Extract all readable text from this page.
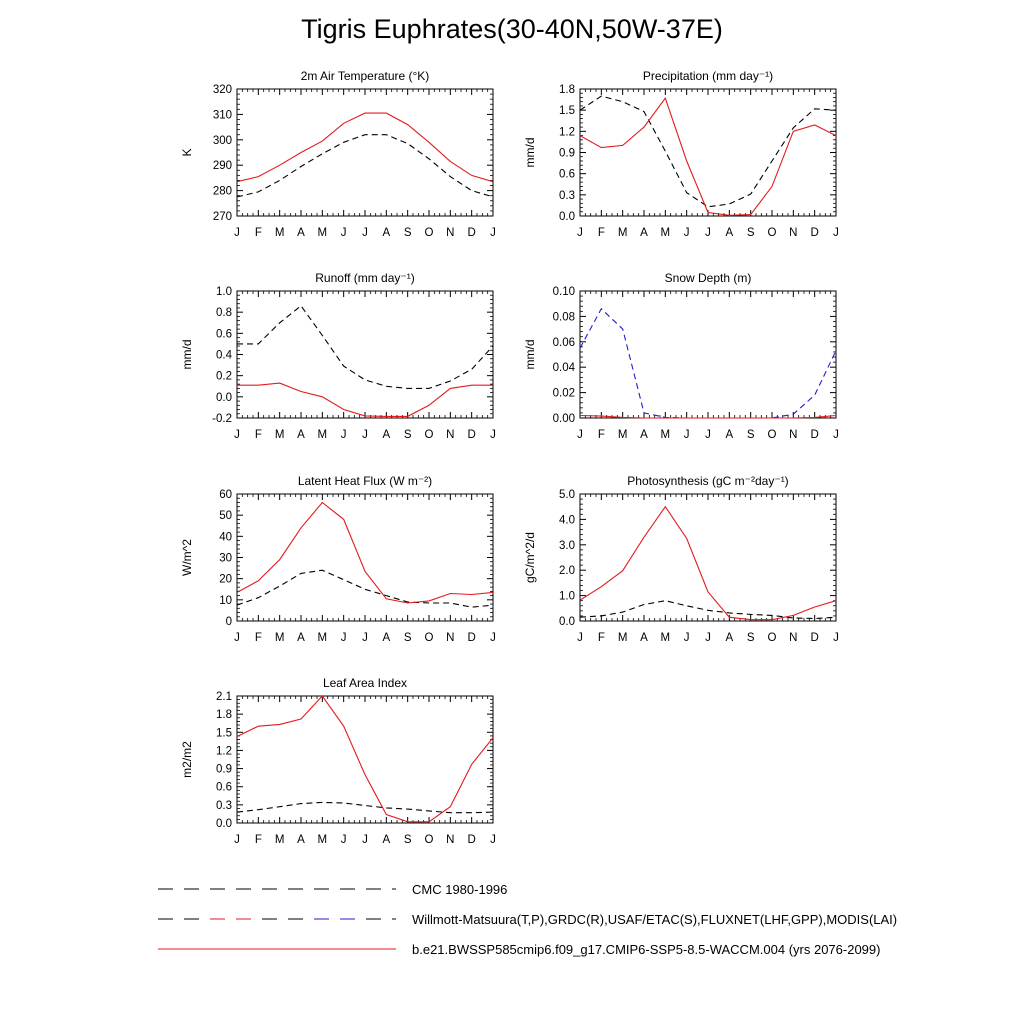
Tigris Euphrates(30-40N,50W-37E)
2m Air Temperature (°K)
J F M A M J J A S O N D J
270
280
290
300
310
320
K
Precipitation (mm day⁻¹)
J F M A M J J A S O N D J
0.0
0.3
0.6
0.9
1.2
1.5
1.8
mm/d
Runoff (mm day⁻¹)
J F M A M J J A S O N D J
-0.2
0.0
0.2
0.4
0.6
0.8
1.0
mm/d
Snow Depth (m)
J F M A M J J A S O N D J
0.00
0.02
0.04
0.06
0.08
0.10
mm/d
Latent Heat Flux (W m⁻²)
J F M A M J J A S O N D J
0
10
20
30
40
50
60
W/m^2
Photosynthesis (gC m⁻²day⁻¹)
J F M A M J J A S O N D J
0.0
1.0
2.0
3.0
4.0
5.0
gC/m^2/d
Leaf Area Index
J F M A M J J A S O N D J
0.0
0.3
0.6
0.9
1.2
1.5
1.8
2.1
m2/m2
CMC 1980-1996
Willmott-Matsuura(T,P),GRDC(R),USAF/ETAC(S),FLUXNET(LHF,GPP),MODIS(LAI)
b.e21.BWSSP585cmip6.f09_g17.CMIP6-SSP5-8.5-WACCM.004 (yrs 2076-2099)
